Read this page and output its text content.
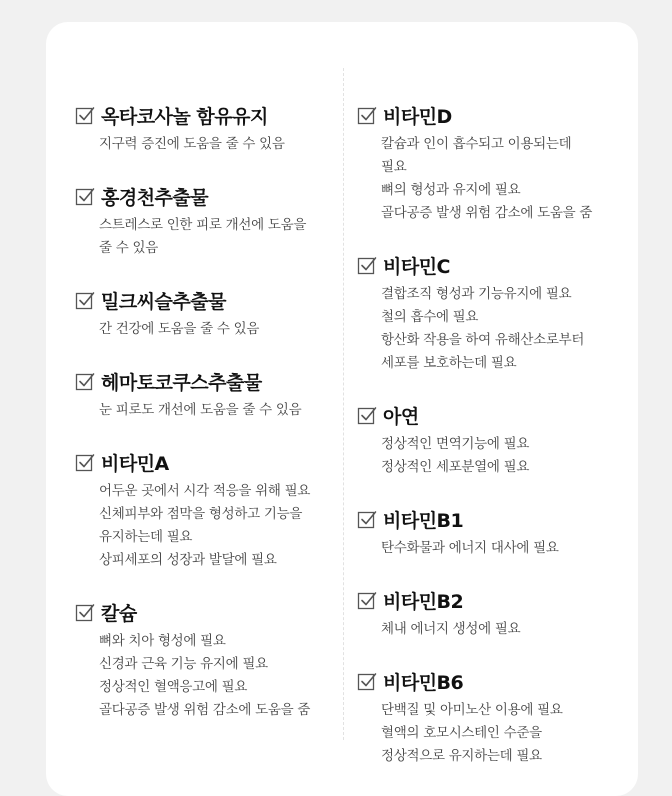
옥타코사놀 함유유지
지구력 증진에 도움을 줄 수 있음
홍경천추출물
스트레스로 인한 피로 개선에 도움을
줄 수 있음
밀크씨슬추출물
간 건강에 도움을 줄 수 있음
헤마토코쿠스추출물
눈 피로도 개선에 도움을 줄 수 있음
비타민A
어두운 곳에서 시각 적응을 위해 필요
신체피부와 점막을 형성하고 기능을
유지하는데 필요
상피세포의 성장과 발달에 필요
칼슘
뼈와 치아 형성에 필요
신경과 근육 기능 유지에 필요
정상적인 혈액응고에 필요
골다공증 발생 위험 감소에 도움을 줌
비타민D
칼슘과 인이 흡수되고 이용되는데
필요
뼈의 형성과 유지에 필요
골다공증 발생 위험 감소에 도움을 줌
비타민C
결합조직 형성과 기능유지에 필요
철의 흡수에 필요
항산화 작용을 하여 유해산소로부터
세포를 보호하는데 필요
아연
정상적인 면역기능에 필요
정상적인 세포분열에 필요
비타민B1
탄수화물과 에너지 대사에 필요
비타민B2
체내 에너지 생성에 필요
비타민B6
단백질 및 아미노산 이용에 필요
혈액의 호모시스테인 수준을
정상적으로 유지하는데 필요
